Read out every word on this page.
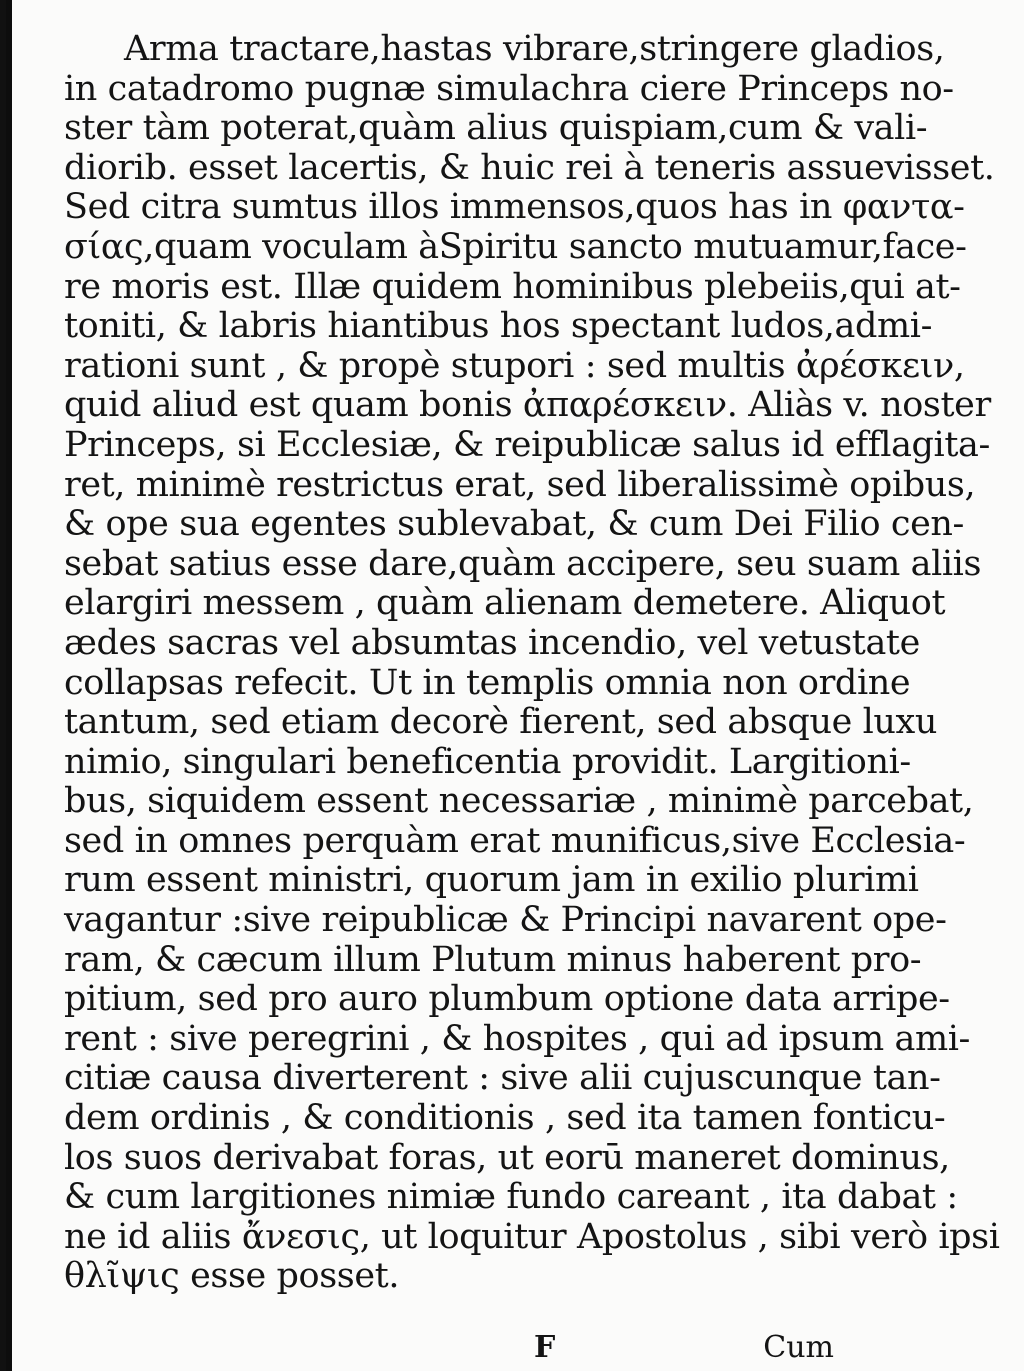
Arma tractare,hastas vibrare,stringere gladios,
in catadromo pugnæ simulachra ciere Princeps no-
ster tàm poterat,quàm alius quispiam,cum & vali-
diorib. esset lacertis, & huic rei à teneris assuevisset.
Sed citra sumtus illos immensos,quos has in φαντα-
σίας,quam voculam àSpiritu sancto mutuamur,face-
re moris est. Illæ quidem hominibus plebeiis,qui at-
toniti, & labris hiantibus hos spectant ludos,admi-
rationi sunt , & propè stupori : sed multis ἀρέσκειν,
quid aliud est quam bonis ἀπαρέσκειν. Aliàs v. noster
Princeps, si Ecclesiæ, & reipublicæ salus id efflagita-
ret, minimè restrictus erat, sed liberalissimè opibus,
& ope sua egentes sublevabat, & cum Dei Filio cen-
sebat satius esse dare,quàm accipere, seu suam aliis
elargiri messem , quàm alienam demetere. Aliquot
ædes sacras vel absumtas incendio, vel vetustate
collapsas refecit. Ut in templis omnia non ordine
tantum, sed etiam decorè fierent, sed absque luxu
nimio, singulari beneficentia providit. Largitioni-
bus, siquidem essent necessariæ , minimè parcebat,
sed in omnes perquàm erat munificus,sive Ecclesia-
rum essent ministri, quorum jam in exilio plurimi
vagantur :sive reipublicæ & Principi navarent ope-
ram, & cæcum illum Plutum minus haberent pro-
pitium, sed pro auro plumbum optione data arripe-
rent : sive peregrini , & hospites , qui ad ipsum ami-
citiæ causa diverterent : sive alii cujuscunque tan-
dem ordinis , & conditionis , sed ita tamen fonticu-
los suos derivabat foras, ut eorū maneret dominus,
& cum largitiones nimiæ fundo careant , ita dabat :
ne id aliis ἄνεσις, ut loquitur Apostolus , sibi verò ipsi
θλῖψις esse posset.
F	Cum
